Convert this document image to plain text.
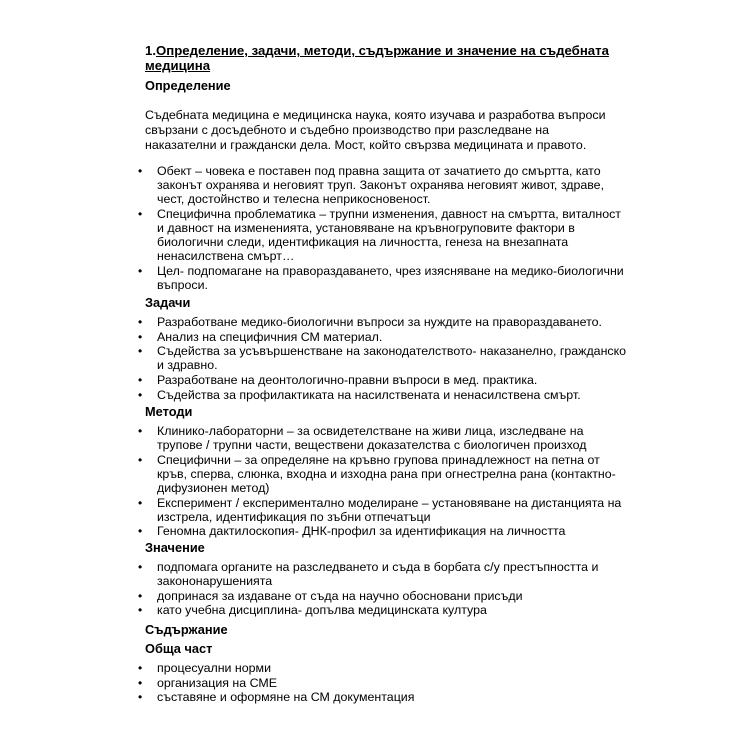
1.Определение, задачи, методи, съдържание и значение на съдебната медицина
Определение
Съдебната медицина е медицинска наука, която изучава и разработва въпроси свързани с досъдебното и съдебно производство при разследване на наказателни и граждански дела. Мост, който свързва медицината и правото.
• Обект – човека е поставен под правна защита от зачатието до смъртта, като законът охранява и неговият труп. Законът охранява неговият живот, здраве, чест, достойнство и телесна неприкосновеност.
• Специфична проблематика – трупни изменения, давност на смъртта, виталност и давност на измененията, установяване на кръвногруповите фактори в биологични следи, идентификация на личността, генеза на внезапната ненасилствена смърт…
• Цел- подпомагане на правораздаването, чрез изясняване на медико-биологични въпроси.
Задачи
• Разработване медико-биологични въпроси за нуждите на правораздаването.
• Анализ на специфичния СМ материал.
• Съдейства за усъвършенстване на законодателството- наказанелно, гражданско и здравно.
• Разработване на деонтологично-правни въпроси в мед. практика.
• Съдейства за профилактиката на насилствената и ненасилствена смърт.
Методи
• Клинико-лабораторни – за освидетелстване на живи лица, изследване на трупове / трупни части, веществени доказателства с биологичен произход
• Специфични – за определяне на кръвно групова принадлежност на петна от кръв, сперва, слюнка, входна и изходна рана при огнестрелна рана (контактно-дифузионен метод)
• Експеримент / експериментално моделиране – установяване на дистанцията на изстрела, идентификация по зъбни отпечатъци
• Геномна дактилоскопия- ДНК-профил за идентификация на личността
Значение
• подпомага органите на разследването и съда в борбата с/у престъпността и закононарушенията
• допринася за издаване от съда на научно обосновани присъди
• като учебна дисциплина- допълва медицинската култура
Съдържание
Обща част
• процесуални норми
• организация на СМЕ
• съставяне и оформяне на СМ документация
